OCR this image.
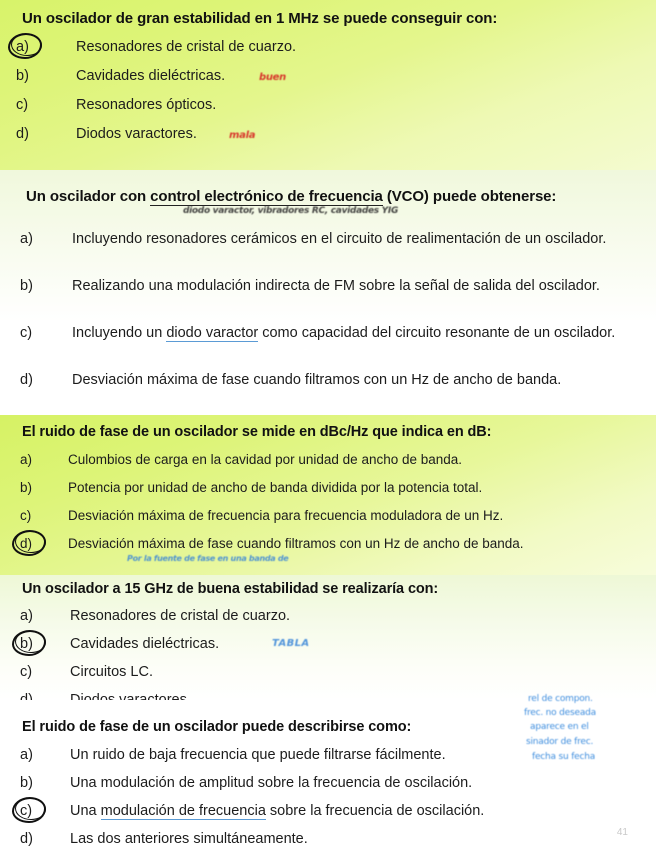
Un oscilador de gran estabilidad en 1 MHz se puede conseguir con:
a)	Resonadores de cristal de cuarzo.
b)	Cavidades dieléctricas.	buen
c)	Resonadores ópticos.
d)	Diodos varactores.	mala
Un oscilador con control electrónico de frecuencia (VCO) puede obtenerse:
diodo varactor, vibradores RC, cavidades YIG
a)	Incluyendo resonadores cerámicos en el circuito de realimentación de un oscilador.
b)	Realizando una modulación indirecta de FM sobre la señal de salida del oscilador.
c)	Incluyendo un diodo varactor como capacidad del circuito resonante de un oscilador.
d)	Desviación máxima de fase cuando filtramos con un Hz de ancho de banda.
El ruido de fase de un oscilador se mide en dBc/Hz que indica en dB:
a)	Culombios de carga en la cavidad por unidad de ancho de banda.
b)	Potencia por unidad de ancho de banda dividida por la potencia total.
c)	Desviación máxima de frecuencia para frecuencia moduladora de un Hz.
d)	Desviación máxima de fase cuando filtramos con un Hz de ancho de banda.
Por la fuente de fase en una banda de
Un oscilador a 15 GHz de buena estabilidad se realizaría con:
a)	Resonadores de cristal de cuarzo.
b)	Cavidades dieléctricas.	TABLA
c)	Circuitos LC.
El ruido de fase de un oscilador puede describirse como:
a)	Un ruido de baja frecuencia que puede filtrarse fácilmente.
b)	Una modulación de amplitud sobre la frecuencia de oscilación.
c)	Una modulación de frecuencia sobre la frecuencia de oscilación.
d)	Las dos anteriores simultáneamente.
rel de compon.
frec. no deseada
aparece en el
sinador de frec.
fecha su fecha
41
